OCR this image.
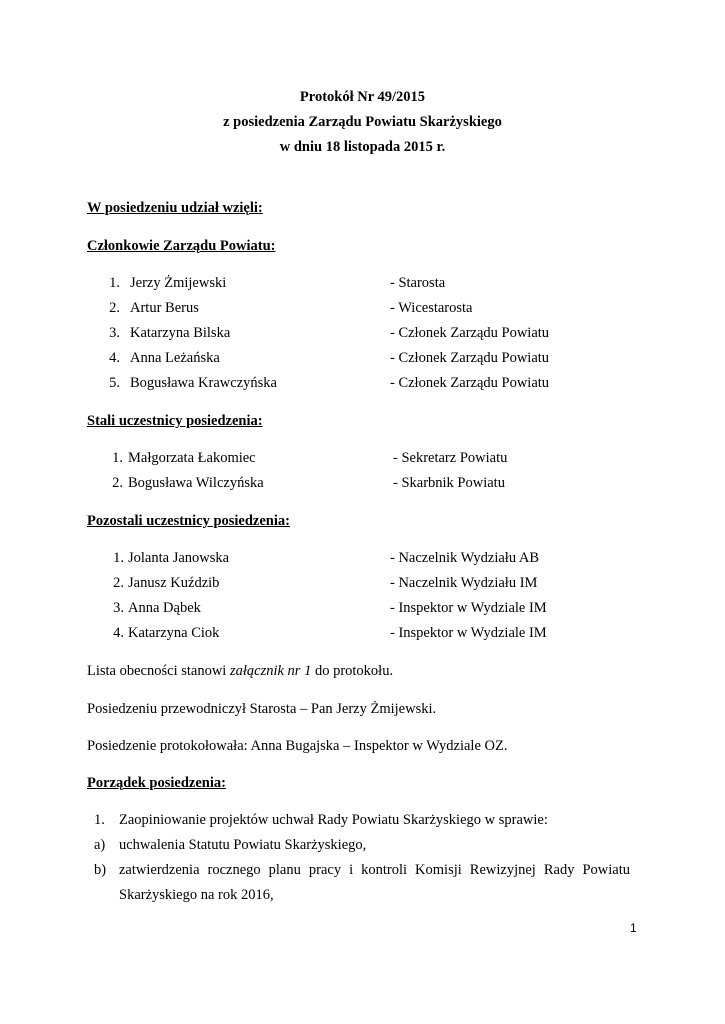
Protokół Nr 49/2015
z posiedzenia Zarządu Powiatu Skarżyskiego
w dniu 18 listopada 2015 r.
W posiedzeniu udział wzięli:
Członkowie Zarządu Powiatu:
1. Jerzy Żmijewski	- Starosta
2. Artur Berus	- Wicestarosta
3. Katarzyna Bilska	- Członek Zarządu Powiatu
4. Anna Leżańska	- Członek Zarządu Powiatu
5. Bogusława Krawczyńska	- Członek Zarządu Powiatu
Stali uczestnicy posiedzenia:
1. Małgorzata Łakomiec	- Sekretarz Powiatu
2. Bogusława Wilczyńska	- Skarbnik Powiatu
Pozostali uczestnicy posiedzenia:
1. Jolanta Janowska	- Naczelnik Wydziału AB
2. Janusz Kuździb	- Naczelnik Wydziału IM
3. Anna Dąbek	- Inspektor w Wydziale IM
4. Katarzyna Ciok	- Inspektor w Wydziale IM
Lista obecności stanowi załącznik nr 1 do protokołu.
Posiedzeniu przewodniczył Starosta – Pan Jerzy Żmijewski.
Posiedzenie protokołowała: Anna Bugajska – Inspektor w Wydziale OZ.
Porządek posiedzenia:
1. Zaopiniowanie projektów uchwał Rady Powiatu Skarżyskiego w sprawie:
a) uchwalenia Statutu Powiatu Skarżyskiego,
b) zatwierdzenia rocznego planu pracy i kontroli Komisji Rewizyjnej Rady Powiatu
Skarżyskiego na rok 2016,
1
